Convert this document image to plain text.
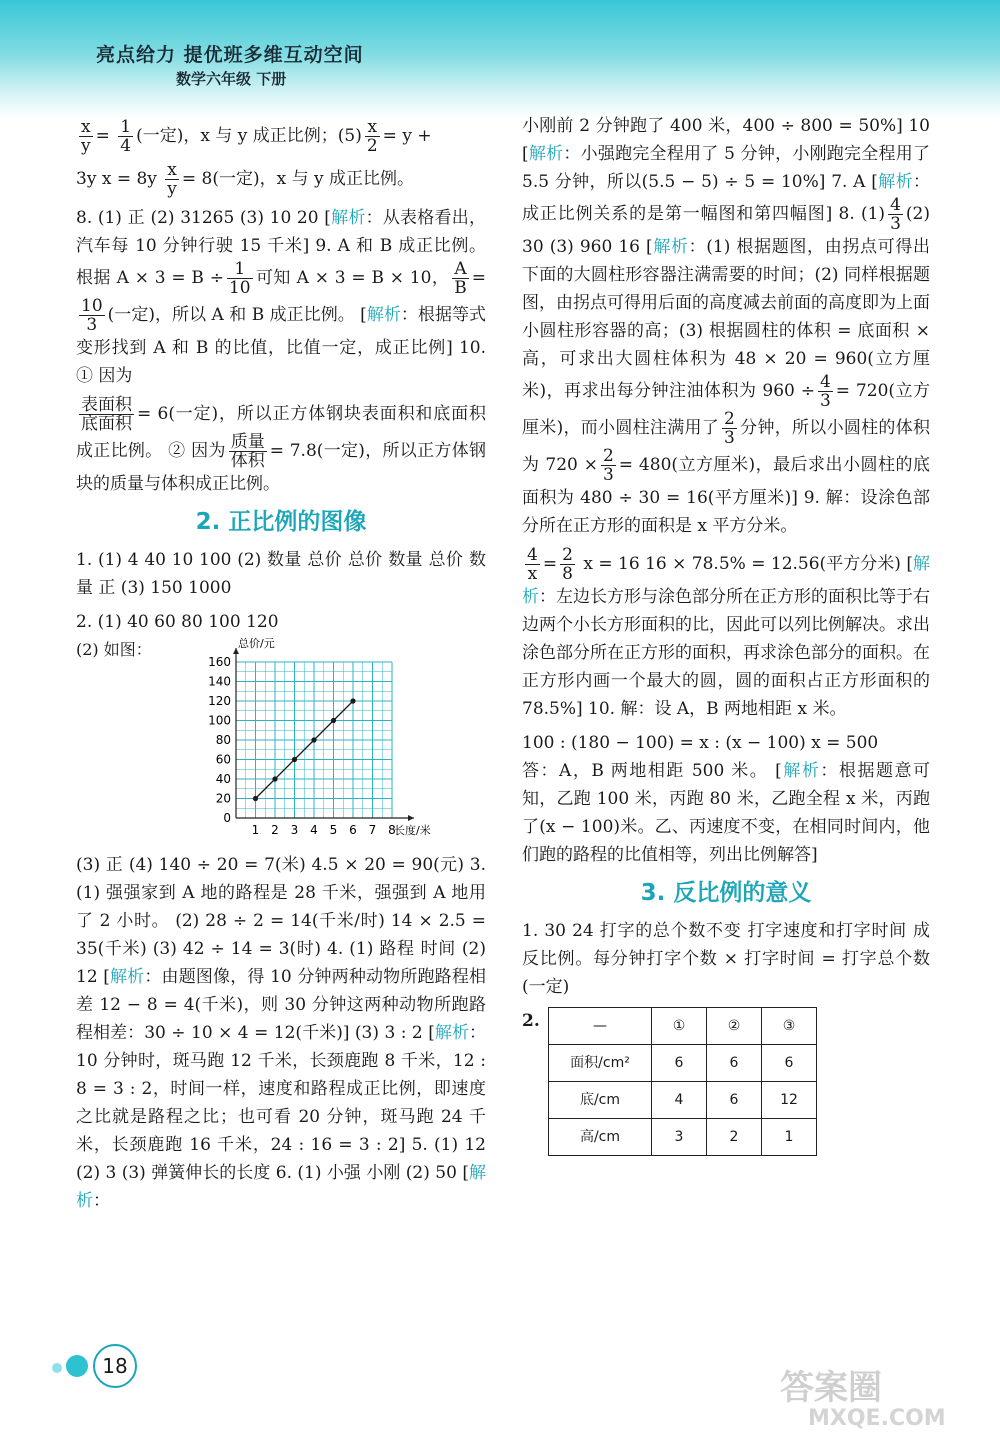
亮点给力 提优班多维互动空间
数学六年级 下册

$\frac{x}{y} = \frac{1}{4}$ (一定)，x 与 y 成正比例；$(5) \frac{x}{2} = y$ +

3y $x = 8y \frac{x}{y} = 8$(一定)，x 与 y 成正比例。

8. (1) 正 (2) 31265 (3) 10 20 [解析：从表格看出，汽车每 10 分钟行驶 15 千米] 9. A 和 B 成正比例。根据 $A \times 3 = B \div \frac{1}{10}$ 可知 A × 3 = B × 10， $\frac{A}{B}$ =
$\frac{10}{3}$ (一定)，所以 A 和 B 成正比例。 [解析：根据等式变形找到 A 和 B 的比值，比值一定，成正比例] 10. ① 因为

$\frac{\text{表面积}}{\text{底面积}} = 6$(一定)，所以正方体钢块表面积和底面积成正比例。 ② 因为 $\frac{\text{质量}}{\text{体积}} = 7.8$(一定)，所以正方体钢块的质量与体积成正比例。

2. 正比例的图像

1. (1) 4 40 10 100 (2) 数量 总价 总价 数量 总价 数量 正 (3) 150 1000

2. (1) 40 60 80 100 120

(2) 如图：
1 2 3 4 5 6 7 8
0
20
40
60
80
100
120
140
160
总价/元
长度/米

(3) 正 (4) 140 ÷ 20 = 7(米) 4.5 × 20 = 90(元) 3. (1) 强强家到 A 地的路程是 28 千米，强强到 A 地用了 2 小时。 (2) 28 ÷ 2 = 14(千米/时) 14 × 2.5 = 35(千米) (3) 42 ÷ 14 = 3(时) 4. (1) 路程 时间 (2) 12 [解析：由题图像，得 10 分钟两种动物所跑路程相差 12 − 8 = 4(千米)，则 30 分钟这两种动物所跑路程相差：30 ÷ 10 × 4 = 12(千米)] (3) 3 : 2 [解析：10 分钟时，斑马跑 12 千米，长颈鹿跑 8 千米，12 : 8 = 3 : 2，时间一样，速度和路程成正比例，即速度之比就是路程之比；也可看 20 分钟，斑马跑 24 千米，长颈鹿跑 16 千米，24 : 16 = 3 : 2] 5. (1) 12 (2) 3 (3) 弹簧伸长的长度 6. (1) 小强 小刚 (2) 50 [解析：

小刚前 2 分钟跑了 400 米，400 ÷ 800 = 50%] 10 [解析：小强跑完全程用了 5 分钟，小刚跑完全程用了 5.5 分钟，所以(5.5 − 5) ÷ 5 = 10%] 7. A [解析：成正比例关系的是第一幅图和第四幅图] 8. $(1) \frac{4}{3} (2)$ 30 (3) 960 16 [解析：(1) 根据题图，由拐点可得出下面的大圆柱形容器注满需要的时间；(2) 同样根据题图，由拐点可得用后面的高度减去前面的高度即为上面小圆柱形容器的高；(3) 根据圆柱的体积 = 底面积 × 高，可求出大圆柱体积为 48 × 20 = 960(立方厘米)，再求出每分钟注油体积为 $960 \div \frac{4}{3} = 720$(立方厘米)，而小圆柱注满用了 $\frac{2}{3}$ 分钟，所以小圆柱的体积为 $720 \times \frac{2}{3} = 480$(立方厘米)，最后求出小圆柱的底面积为 480 ÷ 30 = 16(平方厘米)] 9. 解：设涂色部分所在正方形的面积是 x 平方分米。

$\frac{4}{x} = \frac{2}{8}$ x = 16 16 × 78.5% = 12.56(平方分米) [解析：左边长方形与涂色部分所在正方形的面积比等于右边两个小长方形面积的比，因此可以列比例解决。求出涂色部分所在正方形的面积，再求涂色部分的面积。在正方形内画一个最大的圆，圆的面积占正方形面积的 78.5%] 10. 解：设 A，B 两地相距 x 米。

100 : (180 − 100) = x : (x − 100) x = 500

答：A，B 两地相距 500 米。 [解析：根据题意可知，乙跑 100 米，丙跑 80 米，乙跑全程 x 米，丙跑了(x − 100)米。乙、丙速度不变，在相同时间内，他们跑的路程的比值相等，列出比例解答]

3. 反比例的意义

1. 30 24 打字的总个数不变 打字速度和打字时间 成反比例。每分钟打字个数 × 打字时间 = 打字总个数(一定)

2.	—	①	②	③
面积/cm²	6	6	6
底/cm	4	6	12
高/cm	3	2	1
18
答案圈
MXQE.COM
